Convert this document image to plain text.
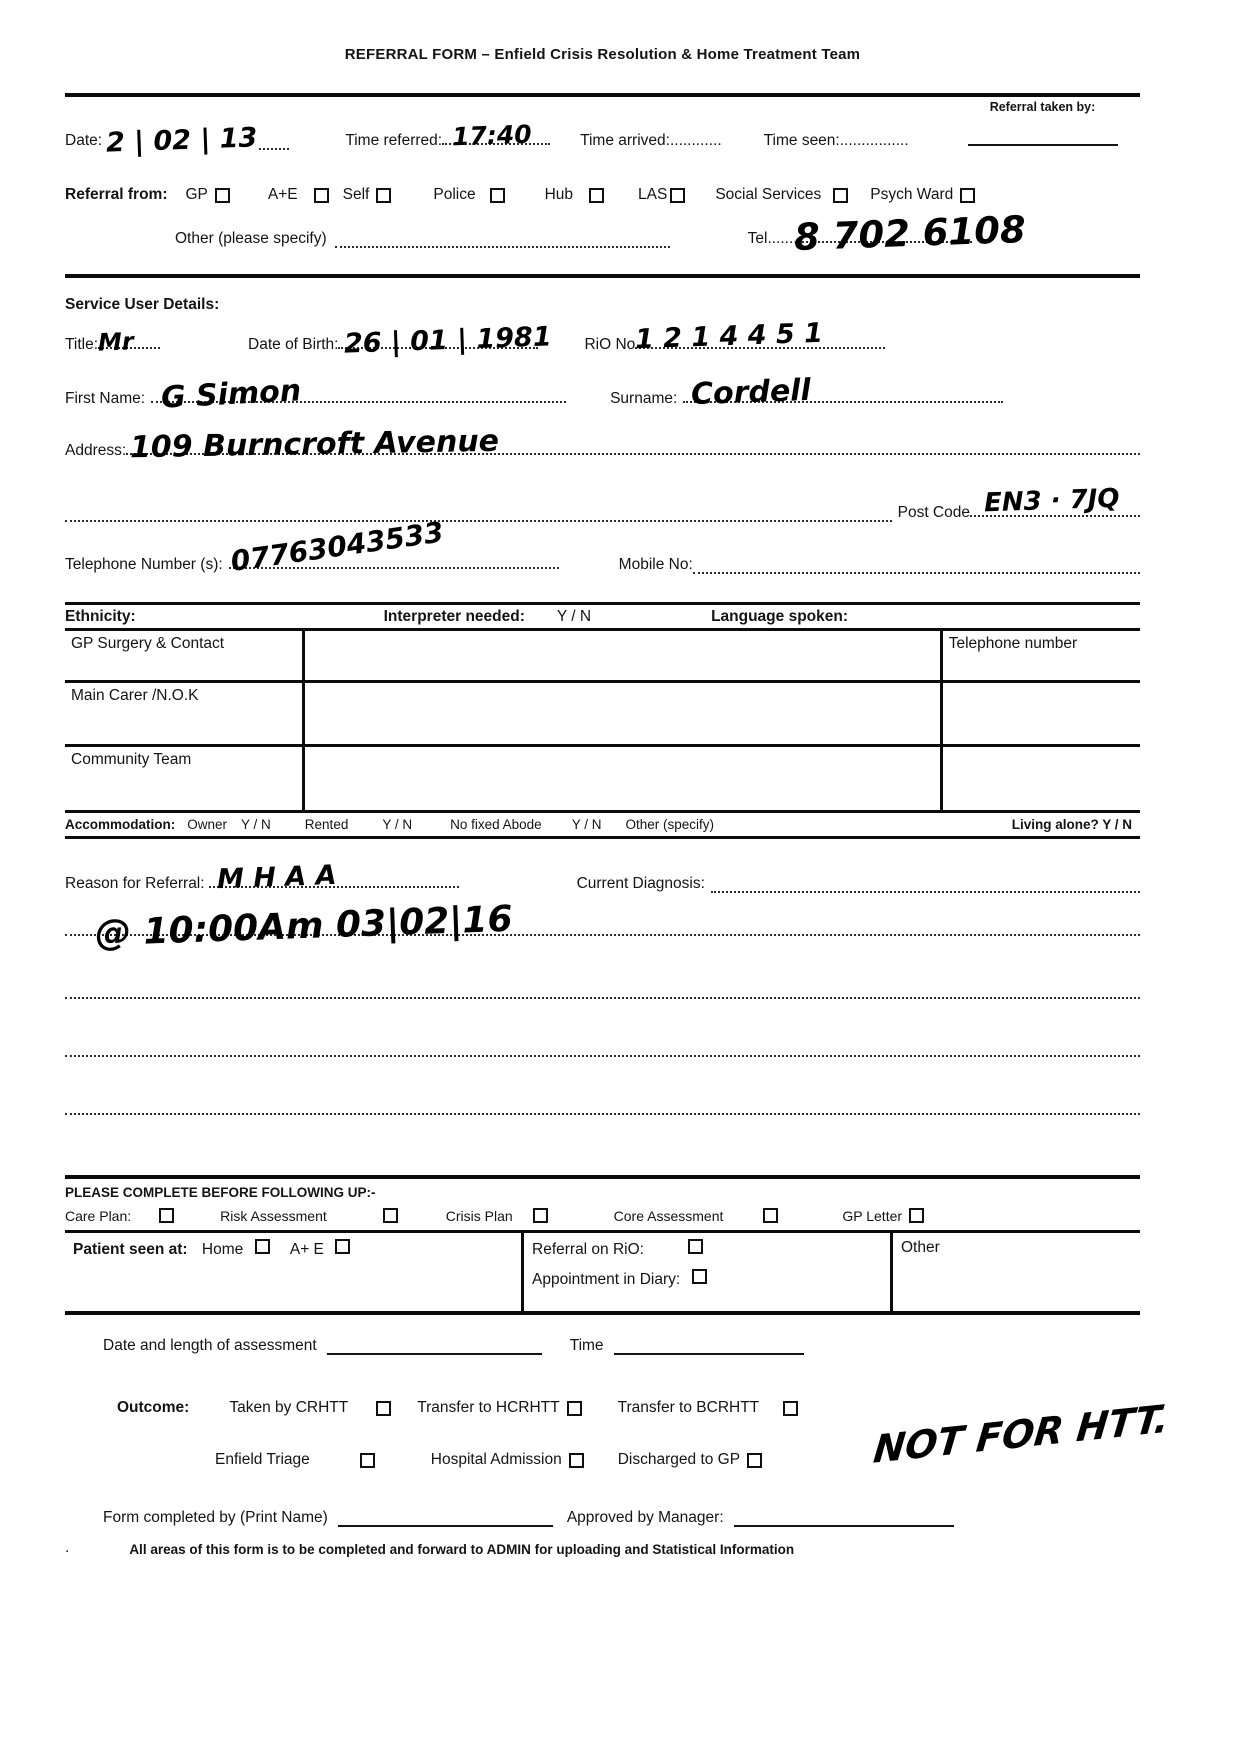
REFERRAL FORM – Enfield Crisis Resolution & Home Treatment Team
Referral taken by:
Date: 2 | 02 | 13	Time referred: 17:40	Time arrived:............	Time seen:................
Referral from: GP	A+E	Self	Police	Hub	LAS	Social Services	Psych Ward
Other (please specify)	Tel.......
8 702 6108
Service User Details:
Title: Mr	Date of Birth: 26 | 01 | 1981 RiO No 1 2 1 4 4 5 1
First Name: G Simon	Surname: Cordell
Address: 109 Burncroft Avenue
Post Code EN3 · 7JQ
Telephone Number (s): 07763043533	Mobile No:
Ethnicity:	Interpreter needed: Y / N	Language spoken:
GP Surgery & Contact		Telephone number
Main Carer /N.O.K		
Community Team		
Accommodation: Owner Y / N	Rented	Y / N	No fixed Abode Y / N Other (specify)	Living alone? Y / N
Reason for Referral: M H A A	Current Diagnosis:
@ 10:00Am 03|02|16
PLEASE COMPLETE BEFORE FOLLOWING UP:-
Care Plan:	Risk Assessment	Crisis Plan	Core Assessment	GP Letter
Patient seen at: Home	A+ E	Referral on RiO:
Appointment in Diary:
Other
Date and length of assessment	Time
Outcome:	Taken by CRHTT	Transfer to HCRHTT	Transfer to BCRHTT
Enfield Triage	Hospital Admission	Discharged to GP	NOT FOR HTT.
Form completed by (Print Name)	Approved by Manager:
.	All areas of this form is to be completed and forward to ADMIN for uploading and Statistical Information
